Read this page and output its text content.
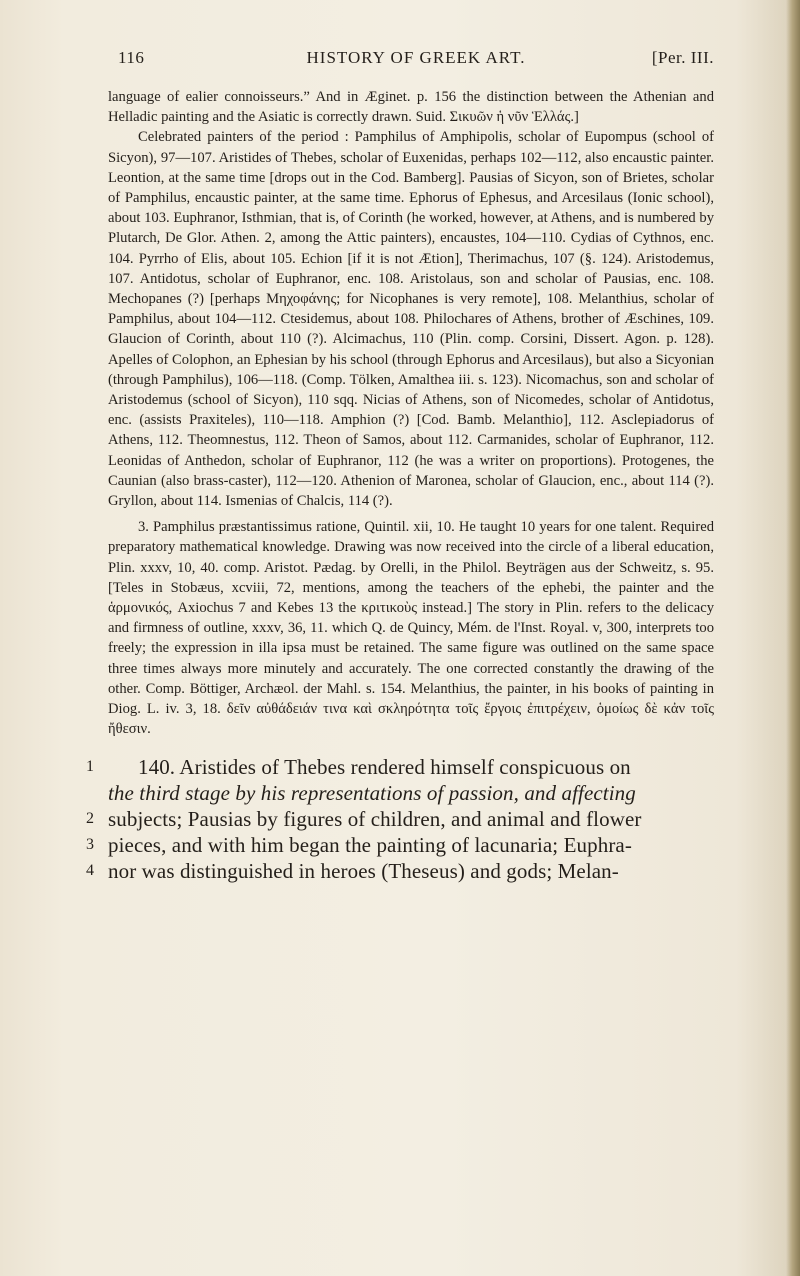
116	HISTORY OF GREEK ART.	[Per. III.

language of ealier connoisseurs.” And in Æginet. p. 156 the distinction between the Athenian and Helladic painting and the Asiatic is correctly drawn. Suid. Σικυῶν ἡ νῦν Ἑλλάς.]

Celebrated painters of the period : Pamphilus of Amphipolis, scholar of Eupompus (school of Sicyon), 97—107. Aristides of Thebes, scholar of Euxenidas, perhaps 102—112, also encaustic painter. Leontion, at the same time [drops out in the Cod. Bamberg]. Pausias of Sicyon, son of Brietes, scholar of Pamphilus, encaustic painter, at the same time. Ephorus of Ephesus, and Arcesilaus (Ionic school), about 103. Euphranor, Isthmian, that is, of Corinth (he worked, however, at Athens, and is numbered by Plutarch, De Glor. Athen. 2, among the Attic painters), encaustes, 104—110. Cydias of Cythnos, enc. 104. Pyrrho of Elis, about 105. Echion [if it is not Ætion], Therimachus, 107 (§. 124). Aristodemus, 107. Antidotus, scholar of Euphranor, enc. 108. Aristolaus, son and scholar of Pausias, enc. 108. Mechopanes (?) [perhaps Μηχοφάνης; for Nicophanes is very remote], 108. Melanthius, scholar of Pamphilus, about 104—112. Ctesidemus, about 108. Philochares of Athens, brother of Æschines, 109. Glaucion of Corinth, about 110 (?). Alcimachus, 110 (Plin. comp. Corsini, Dissert. Agon. p. 128). Apelles of Colophon, an Ephesian by his school (through Ephorus and Arcesilaus), but also a Sicyonian (through Pamphilus), 106—118. (Comp. Tölken, Amalthea iii. s. 123). Nicomachus, son and scholar of Aristodemus (school of Sicyon), 110 sqq. Nicias of Athens, son of Nicomedes, scholar of Antidotus, enc. (assists Praxiteles), 110—118. Amphion (?) [Cod. Bamb. Melanthio], 112. Asclepiadorus of Athens, 112. Theomnestus, 112. Theon of Samos, about 112. Carmanides, scholar of Euphranor, 112. Leonidas of Anthedon, scholar of Euphranor, 112 (he was a writer on proportions). Protogenes, the Caunian (also brass-caster), 112—120. Athenion of Maronea, scholar of Glaucion, enc., about 114 (?). Gryllon, about 114. Ismenias of Chalcis, 114 (?).

3. Pamphilus præstantissimus ratione, Quintil. xii, 10. He taught 10 years for one talent. Required preparatory mathematical knowledge. Drawing was now received into the circle of a liberal education, Plin. xxxv, 10, 40. comp. Aristot. Pædag. by Orelli, in the Philol. Beyträgen aus der Schweitz, s. 95. [Teles in Stobæus, xcviii, 72, mentions, among the teachers of the ephebi, the painter and the ἁρμονικός, Axiochus 7 and Kebes 13 the κριτικοὺς instead.] The story in Plin. refers to the delicacy and firmness of outline, xxxv, 36, 11. which Q. de Quincy, Mém. de l'Inst. Royal. v, 300, interprets too freely; the expression in illa ipsa must be retained. The same figure was outlined on the same space three times always more minutely and accurately. The one corrected constantly the drawing of the other. Comp. Böttiger, Archæol. der Mahl. s. 154. Melanthius, the painter, in his books of painting in Diog. L. iv. 3, 18. δεῖν αὐθάδειάν τινα καὶ σκληρότητα τοῖς ἔργοις ἐπιτρέχειν, ὁμοίως δὲ κἀν τοῖς ἤθεσιν.

1	140. Aristides of Thebes rendered himself conspicuous on
the third stage by his representations of passion, and affecting
2 subjects; Pausias by figures of children, and animal and flower
3 pieces, and with him began the painting of lacunaria; Euphra-
4 nor was distinguished in heroes (Theseus) and gods; Melan-
